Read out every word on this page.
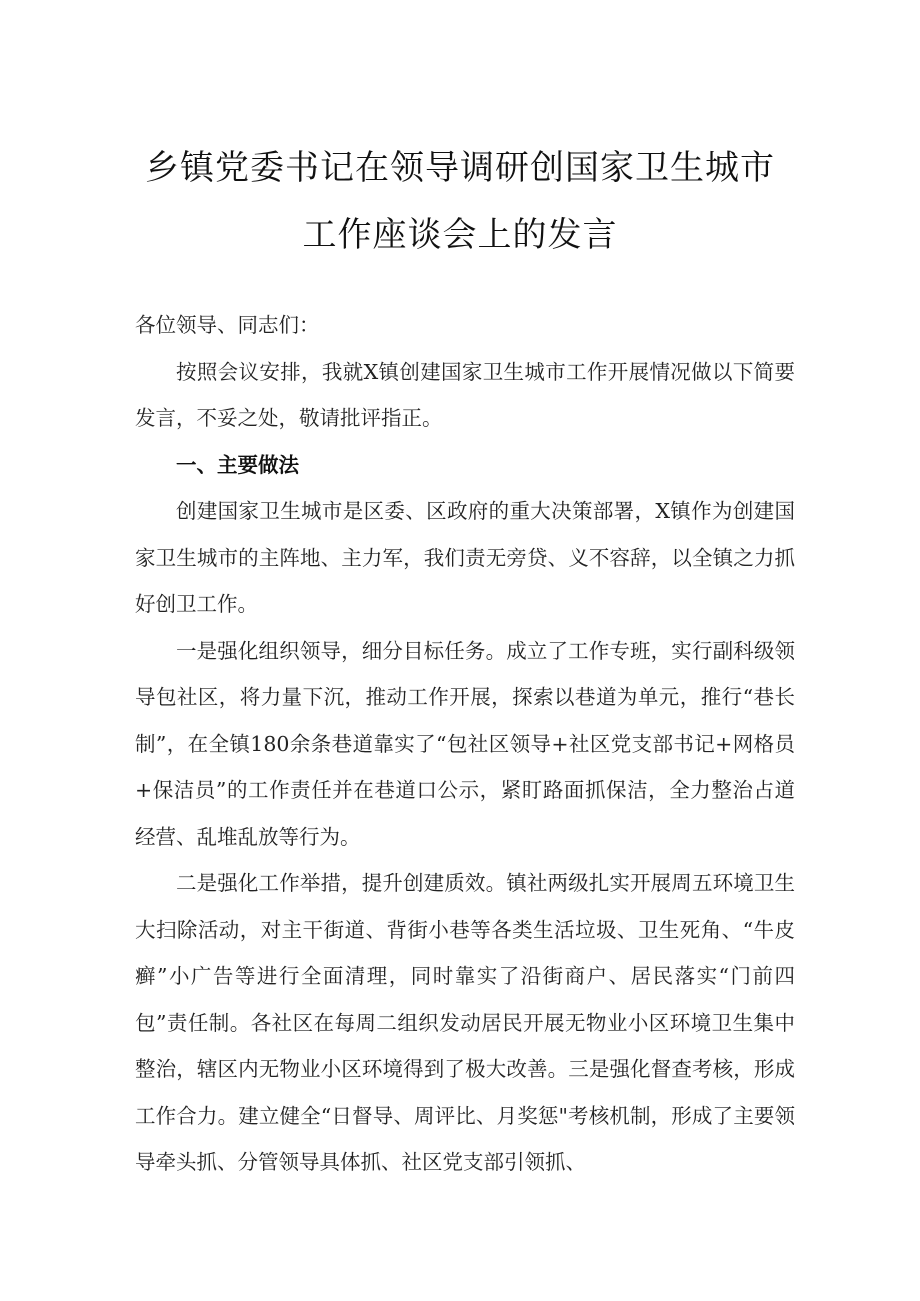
乡镇党委书记在领导调研创国家卫生城市
工作座谈会上的发言

各位领导、同志们：

按照会议安排，我就X镇创建国家卫生城市工作开展情况做以下简要发言，不妥之处，敬请批评指正。

一、主要做法

创建国家卫生城市是区委、区政府的重大决策部署，X镇作为创建国家卫生城市的主阵地、主力军，我们责无旁贷、义不容辞，以全镇之力抓好创卫工作。

一是强化组织领导，细分目标任务。成立了工作专班，实行副科级领导包社区，将力量下沉，推动工作开展，探索以巷道为单元，推行“巷长制”，在全镇180余条巷道靠实了“包社区领导+社区党支部书记+网格员+保洁员”的工作责任并在巷道口公示，紧盯路面抓保洁，全力整治占道经营、乱堆乱放等行为。

二是强化工作举措，提升创建质效。镇社两级扎实开展周五环境卫生大扫除活动，对主干街道、背街小巷等各类生活垃圾、卫生死角、“牛皮癣”小广告等进行全面清理，同时靠实了沿街商户、居民落实“门前四包”责任制。各社区在每周二组织发动居民开展无物业小区环境卫生集中整治，辖区内无物业小区环境得到了极大改善。三是强化督查考核，形成工作合力。建立健全“日督导、周评比、月奖惩"考核机制，形成了主要领导牵头抓、分管领导具体抓、社区党支部引领抓、
